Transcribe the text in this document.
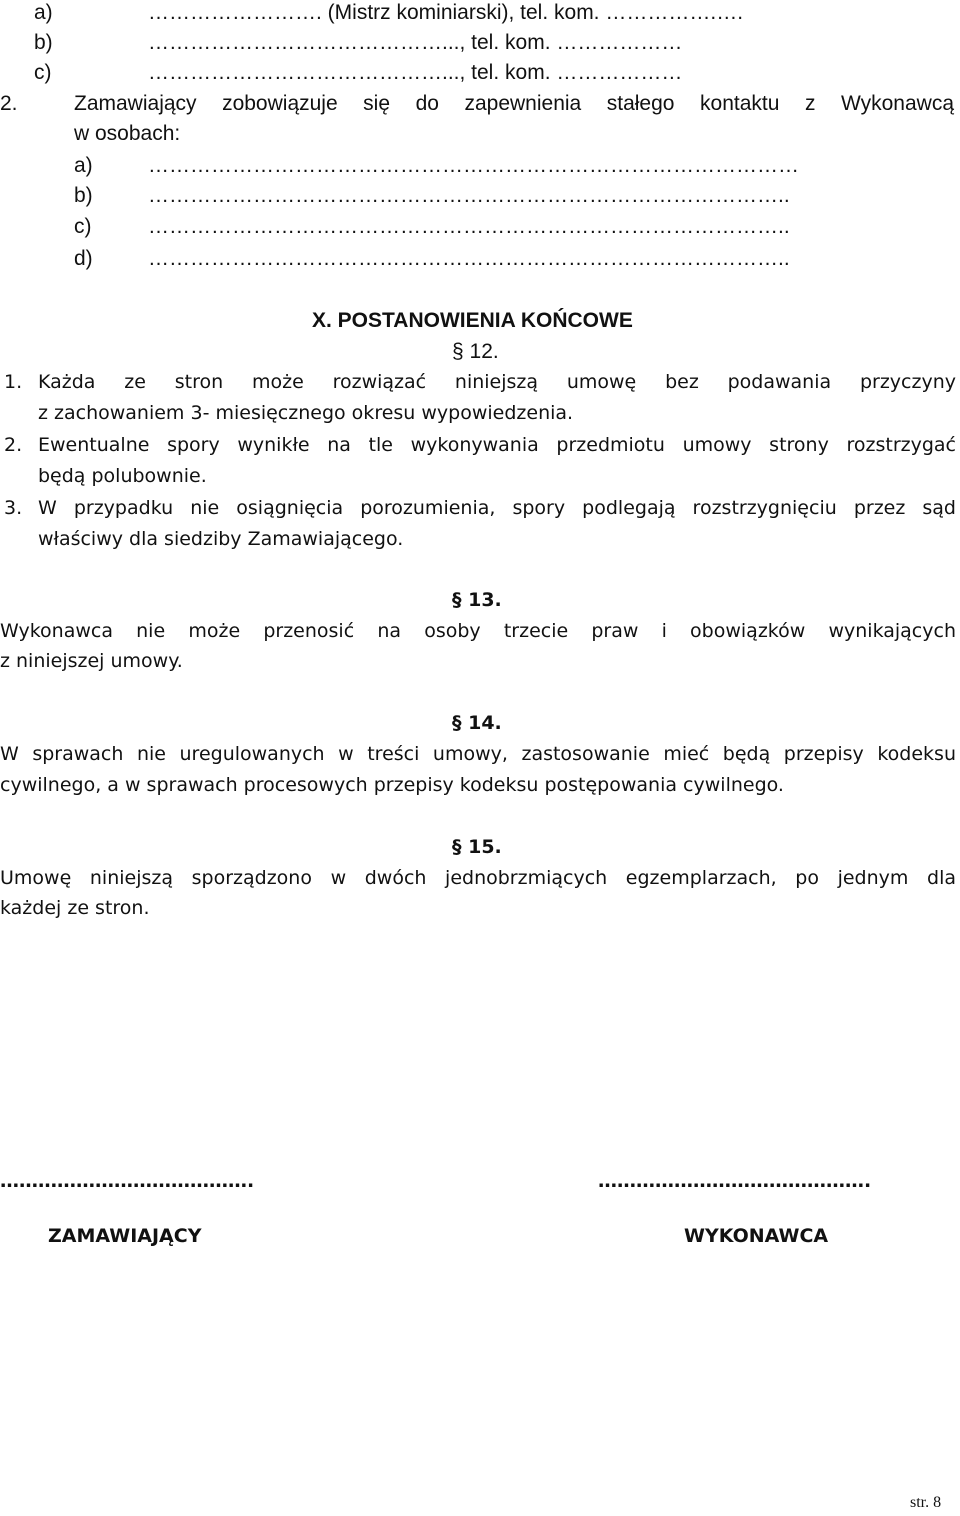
a)	……………………. (Mistrz kominiarski), tel. kom. …………….….
b)	……………………………………..., tel. kom. ………………
c)	……………………………………..., tel. kom. ………………
2.	Zamawiający zobowiązuje się do zapewnienia stałego kontaktu z Wykonawcą
w osobach:
a)	…………………………………………………………………………………
b)	………………………………………………………………………………..
c)	………………………………………………………………………………..
d)	………………………………………………………………………………..
X. POSTANOWIENIA KOŃCOWE
§ 12.
1. Każda ze stron może rozwiązać niniejszą umowę bez podawania przyczyny
z zachowaniem 3- miesięcznego okresu wypowiedzenia.
2. Ewentualne spory wynikłe na tle wykonywania przedmiotu umowy strony rozstrzygać
będą polubownie.
3. W przypadku nie osiągnięcia porozumienia, spory podlegają rozstrzygnięciu przez sąd
właściwy dla siedziby Zamawiającego.
§ 13.
Wykonawca nie może przenosić na osoby trzecie praw i obowiązków wynikających
z niniejszej umowy.
§ 14.
W sprawach nie uregulowanych w treści umowy, zastosowanie mieć będą przepisy kodeksu
cywilnego, a w sprawach procesowych przepisy kodeksu postępowania cywilnego.
§ 15.
Umowę niniejszą sporządzono w dwóch jednobrzmiących egzemplarzach, po jednym dla
każdej ze stron.
………………………………….	…………………………………….
ZAMAWIAJĄCY	WYKONAWCA
str. 8
